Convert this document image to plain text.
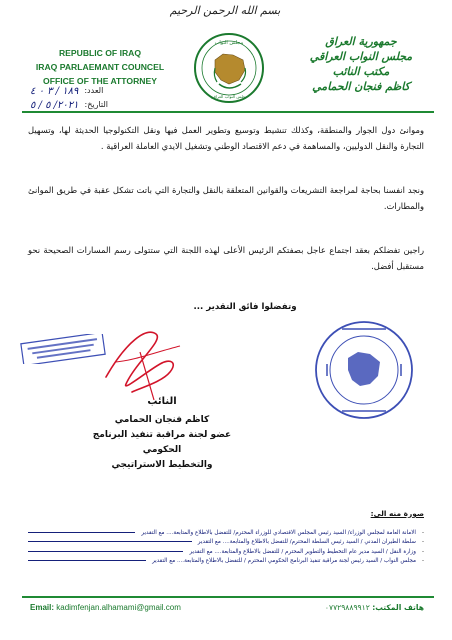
بسم الله الرحمن الرحيم
REPUBLIC OF IRAQ
IRAQ PARLAEMANT COUNCEL
OFFICE OF THE ATTORNEY
العدد:
١٨٩ / ٣ ٠ ٤
التاريخ:
٢٠٢١/ ٥ / ٥
مجلس النواب
مجلس النواب العراقي
جمهورية العراق
مجلس النواب العراقي
مكتب النائب
كاظم فنجان الحمامي
وموانئ دول الجوار والمنطقة، وكذلك تنشيط وتوسيع وتطوير العمل فيها ونقل التكنولوجيا الحديثة لها، وتسهيل التجارة والنقل الدوليين، والمساهمة في دعم الاقتصاد الوطني وتشغيل الايدي العاملة العراقية .
ونجد انفسنا بحاجة لمراجعة التشريعات والقوانين المتعلقة بالنقل والتجارة التي باتت تشكل عقبة في طريق الموانئ والمطارات.
راجين تفضلكم بعقد اجتماع عاجل بصفتكم الرئيس الأعلى لهذه اللجنة التي ستتولى رسم المسارات الصحيحة نحو مستقبل أفضل.
وتفضلوا فائق التقدير ...
النائب
كاظم فنجان الحمامي
عضو لجنة مراقبة تنفيذ البرنامج الحكومي
والتخطيط الاستراتيجي
صورة منه الى:
-
الامانة العامة لمجلس الوزراء/ السيد رئيس المجلس الاقتصادي للوزراء المحترم/ للتفضل بالاطلاع والمتابعة.... مع التقدير
-
سلطة الطيران المدني / السيد رئيس السلطة المحترم/ للتفضل بالاطلاع والمتابعة.... مع التقدير
-
وزارة النقل / السيد مدير عام التخطيط والتطوير المحترم / للتفضل بالاطلاع والمتابعة.... مع التقدير
-
مجلس النواب / السيد رئيس لجنة مراقبة تنفيذ البرنامج الحكومي المحترم / للتفضل بالاطلاع والمتابعة.... مع التقدير
Email: kadimfenjan.alhamami@gmail.com	هاتف المكتب: ٠٧٧٢٩٨٨٩٩١٢
